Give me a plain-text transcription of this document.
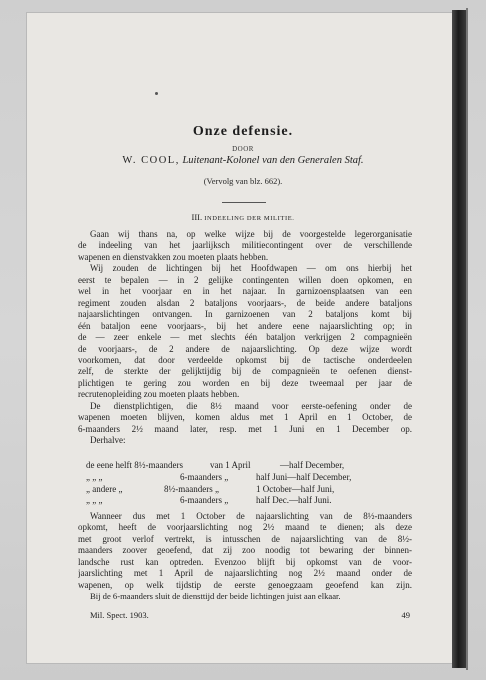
Onze defensie.
DOOR
W. COOL, Luitenant-Kolonel van den Generalen Staf.
(Vervolg van blz. 662).
III. INDEELING DER MILITIE.
Gaan wij thans na, op welke wijze bij de voorgestelde legerorganisatie
de indeeling van het jaarlijksch militiecontingent over de verschillende
wapenen en dienstvakken zou moeten plaats hebben.
Wij zouden de lichtingen bij het Hoofdwapen — om ons hierbij het
eerst te bepalen — in 2 gelijke contingenten willen doen opkomen, en
wel in het voorjaar en in het najaar. In garnizoensplaatsen van een
regiment zouden alsdan 2 bataljons voorjaars-, de beide andere bataljons
najaarslichtingen ontvangen. In garnizoenen van 2 bataljons komt bij
één bataljon eene voorjaars-, bij het andere eene najaarslichting op; in
de — zeer enkele — met slechts één bataljon verkrijgen 2 compagnieën
de voorjaars-, de 2 andere de najaarslichting. Op deze wijze wordt
voorkomen, dat door verdeelde opkomst bij de tactische onderdeelen
zelf, de sterkte der gelijktijdig bij de compagnieën te oefenen dienst-
plichtigen te gering zou worden en bij deze tweemaal per jaar de
recrutenopleiding zou moeten plaats hebben.
De dienstplichtigen, die 8½ maand voor eerste-oefening onder de
wapenen moeten blijven, komen aldus met 1 April en 1 October, de
6-maanders 2½ maand later, resp. met 1 Juni en 1 December op.
Derhalve:
de eene helft 8½-maanders	van 1 April	—half December,
„ „ „	6-maanders „	half Juni—half December,
„ andere „	8½-maanders „	1 October—half Juni,
„ „ „	6-maanders „	half Dec.—half Juni.
Wanneer dus met 1 October de najaarslichting van de 8½-maanders
opkomt, heeft de voorjaarslichting nog 2½ maand te dienen; als deze
met groot verlof vertrekt, is intusschen de najaarslichting van de 8½-
maanders zoover geoefend, dat zij zoo noodig tot bewaring der binnen-
landsche rust kan optreden. Evenzoo blijft bij opkomst van de voor-
jaarslichting met 1 April de najaarslichting nog 2½ maand onder de
wapenen, op welk tijdstip de eerste genoegzaam geoefend kan zijn.
Bij de 6-maanders sluit de diensttijd der beide lichtingen juist aan elkaar.
Mil. Spect. 1903.	49
